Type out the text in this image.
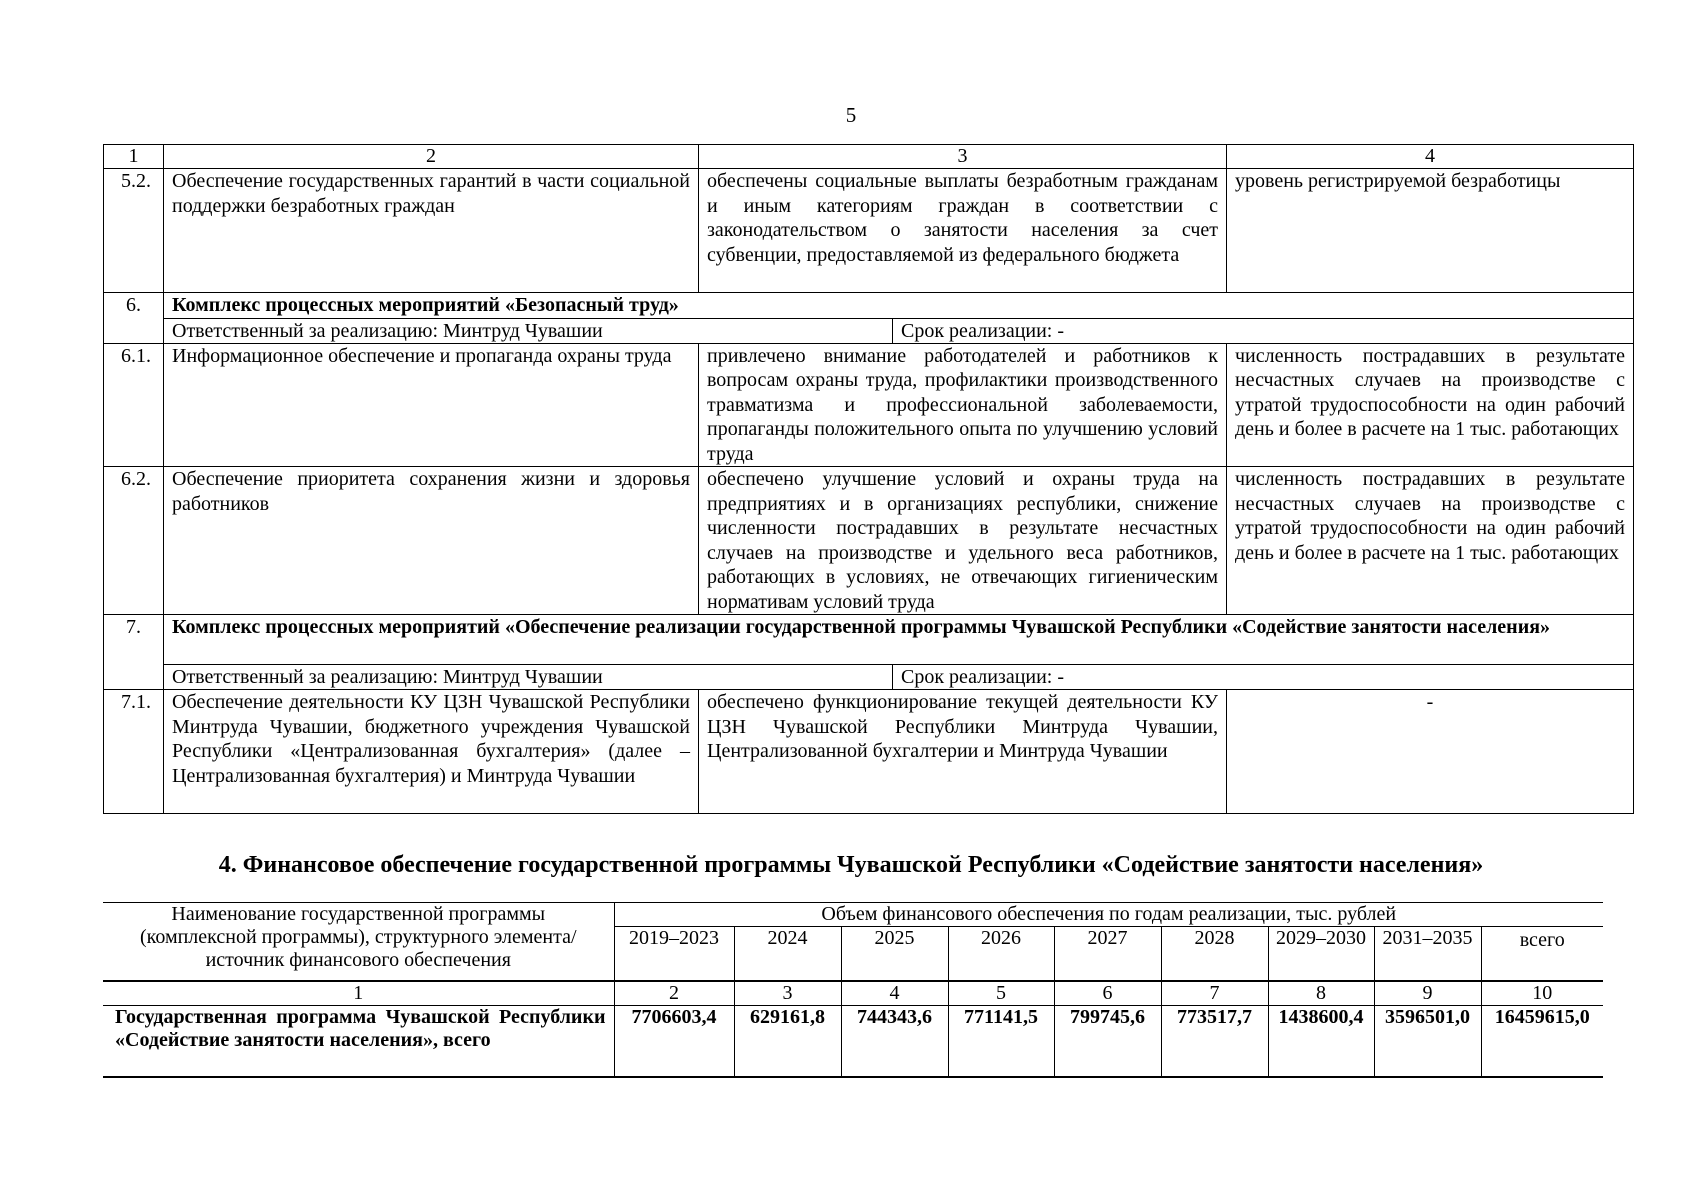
5
1	2	3	4
5.2.	Обеспечение государственных гарантий в части социальной поддержки безработных граждан	обеспечены социальные выплаты безработным гражданам и иным категориям граждан в соответствии с законодательством о занятости населения за счет субвенции, предоставляемой из федерального бюджета	уровень регистрируемой безработицы
6.	Комплекс процессных мероприятий «Безопасный труд»		

	Ответственный за реализацию: Минтруд Чувашии Срок реализации: -		

6.1.	Информационное обеспечение и пропаганда охраны труда	привлечено внимание работодателей и работников к вопросам охраны труда, профилактики производственного травматизма и профессиональной заболеваемости, пропаганды положительного опыта по улучшению условий труда	численность пострадавших в результате несчастных случаев на производстве с утратой трудоспособности на один рабочий день и более в расчете на 1 тыс. работающих
6.2.	Обеспечение приоритета сохранения жизни и здоровья работников	обеспечено улучшение условий и охраны труда на предприятиях и в организациях республики, снижение численности пострадавших в результате несчастных случаев на производстве и удельного веса работников, работающих в условиях, не отвечающих гигиеническим нормативам условий труда	численность пострадавших в результате несчастных случаев на производстве с утратой трудоспособности на один рабочий день и более в расчете на 1 тыс. работающих
7.	Комплекс процессных мероприятий «Обеспечение реализации государственной программы Чувашской Республики «Содействие занятости населения»		

	Ответственный за реализацию: Минтруд Чувашии Срок реализации: -		

7.1.	Обеспечение деятельности КУ ЦЗН Чувашской Республики Минтруда Чувашии, бюджетного учреждения Чувашской Республики «Централизованная бухгалтерия» (далее – Централизованная бухгалтерия) и Минтруда Чувашии	обеспечено функционирование текущей деятельности КУ ЦЗН Чувашской Республики Минтруда Чувашии, Централизованной бухгалтерии и Минтруда Чувашии	-
4. Финансовое обеспечение государственной программы Чувашской Республики «Содействие занятости населения»
Наименование государственной программы (комплексной программы), структурного элемента/источник финансового обеспечения	Объем финансового обеспечения по годам реализации, тыс. рублей								
	2019–2023	2024	2025	2026	2027	2028	2029–2030	2031–2035	всего
1	2	3	4	5	6	7	8	9	10
Государственная программа Чувашской Республики «Содействие занятости населения», всего	7706603,4	629161,8	744343,6	771141,5	799745,6	773517,7	1438600,4	3596501,0	16459615,0
